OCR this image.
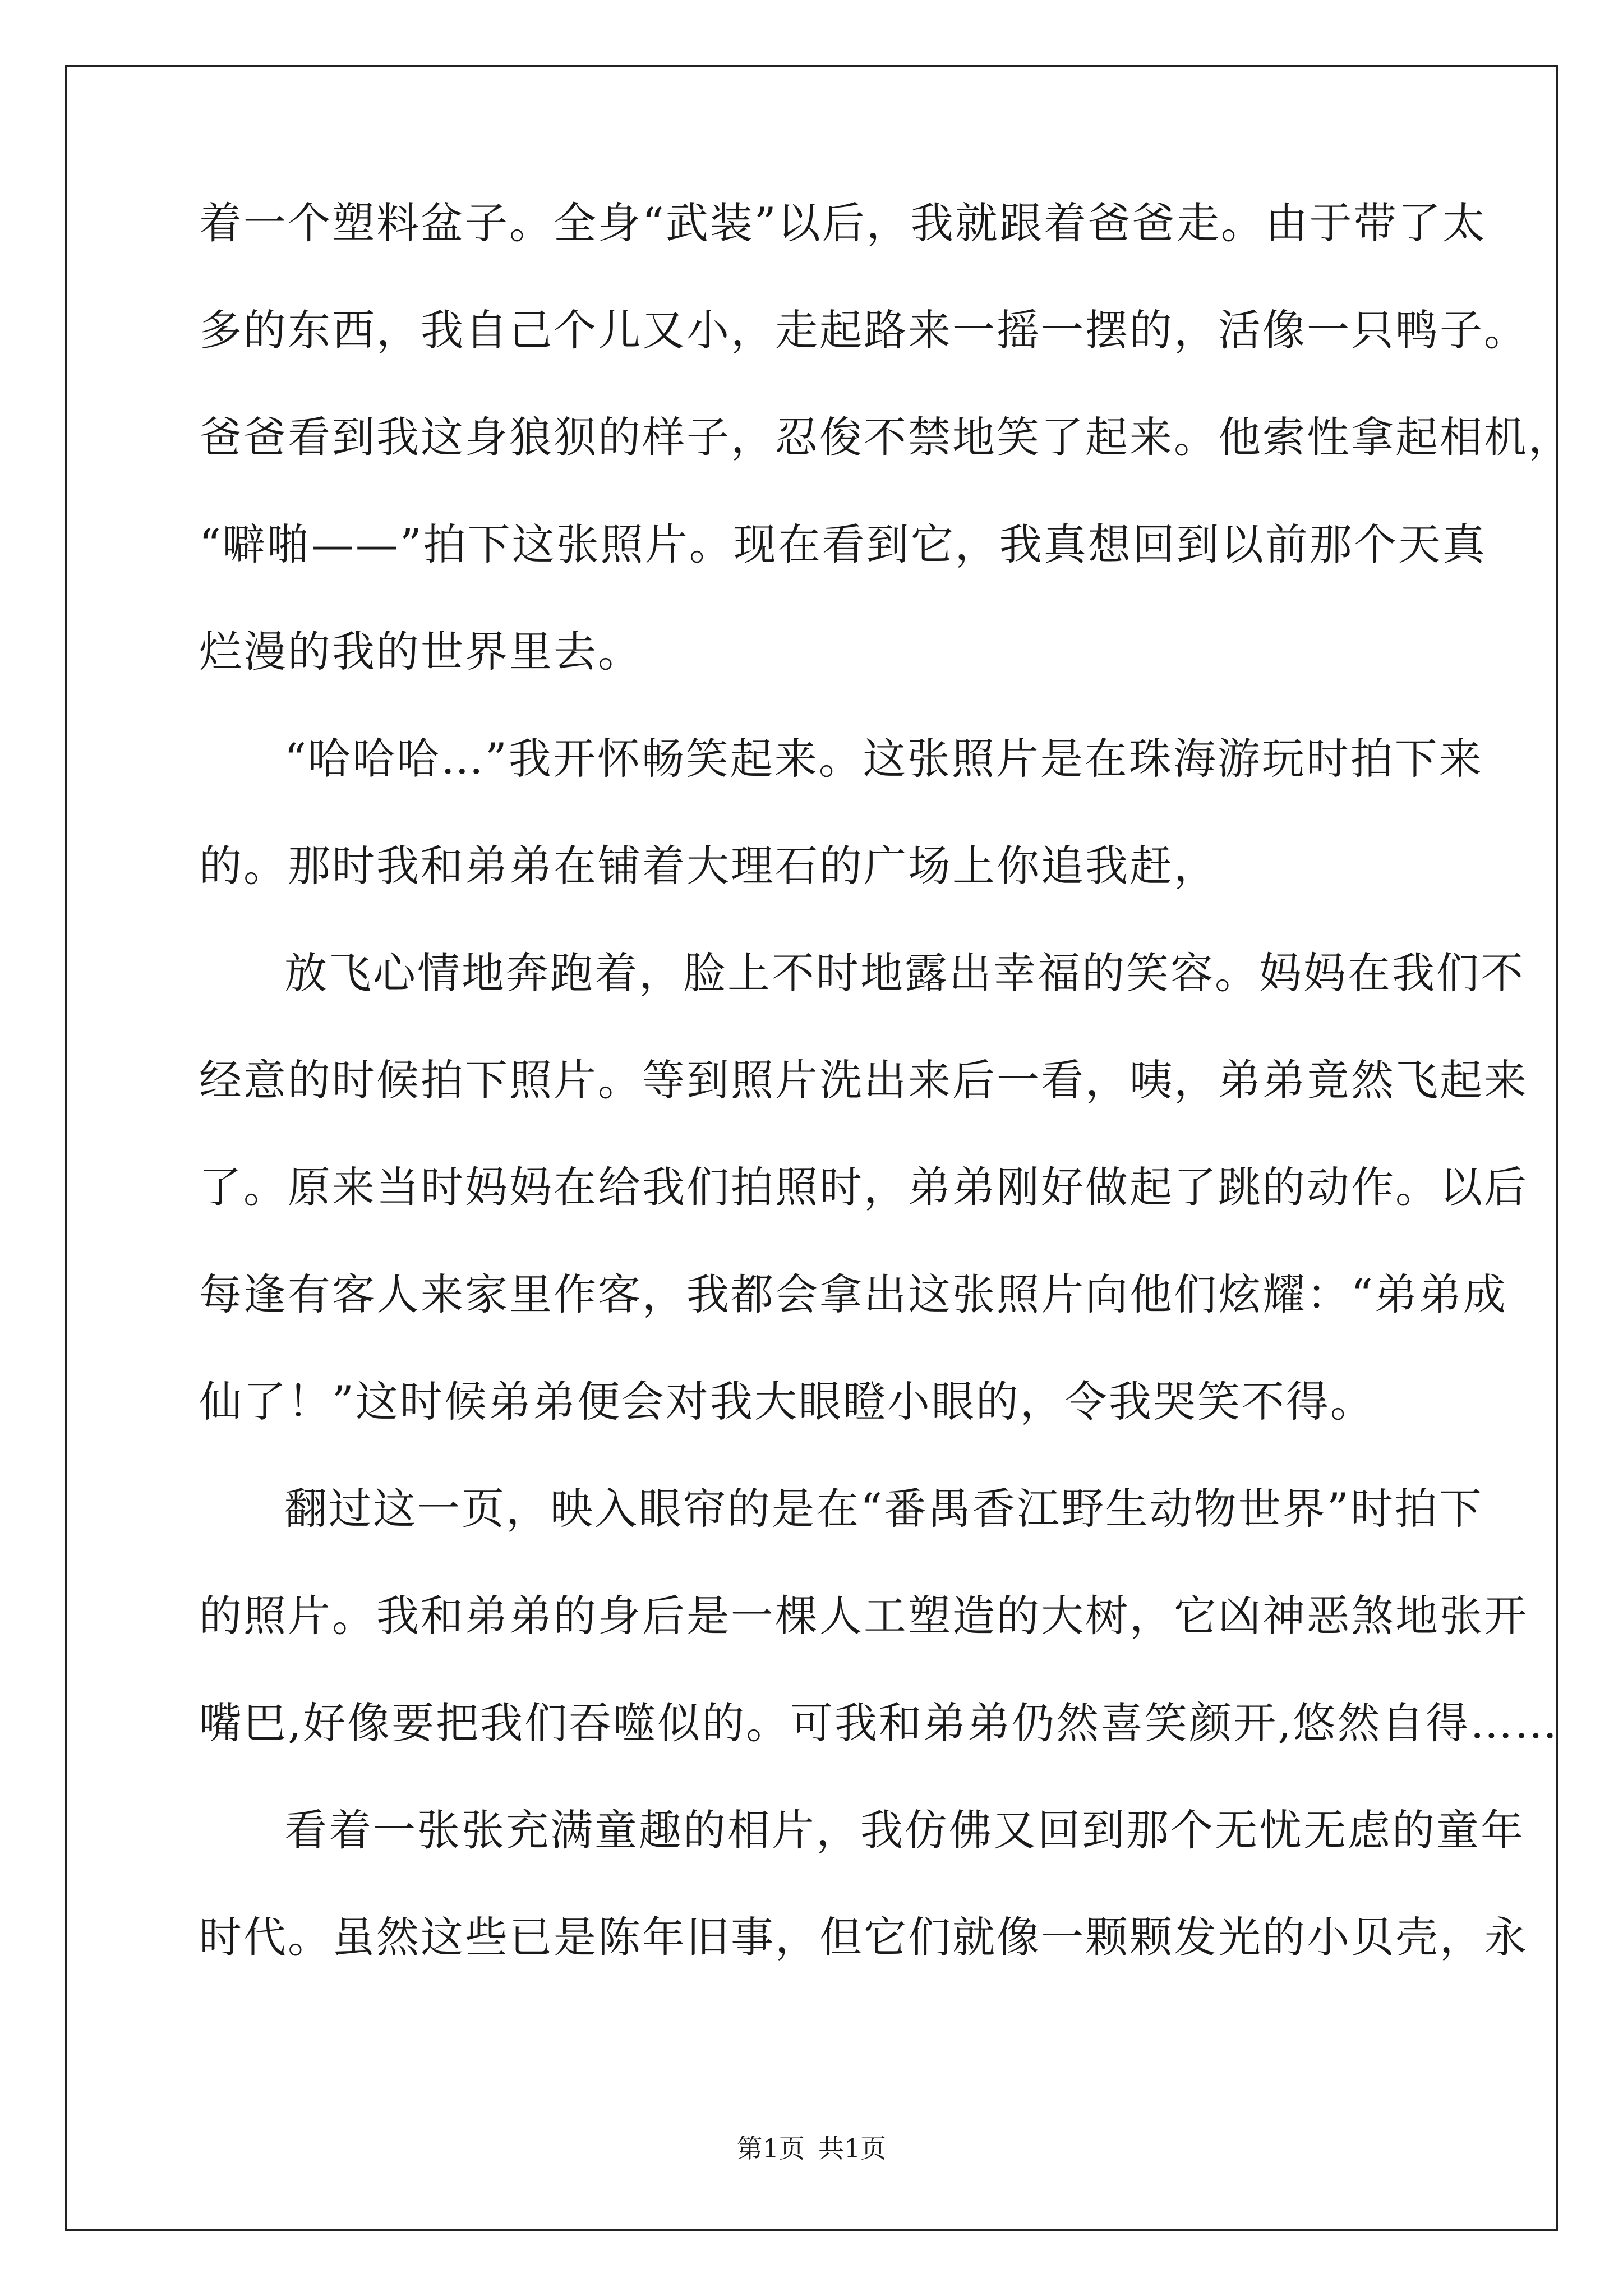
着一个塑料盆子。全身“武装”以后，我就跟着爸爸走。由于带了太
多的东西，我自己个儿又小，走起路来一摇一摆的，活像一只鸭子。
爸爸看到我这身狼狈的样子，忍俊不禁地笑了起来。他索性拿起相机，
“噼啪——”拍下这张照片。现在看到它，我真想回到以前那个天真
烂漫的我的世界里去。
“哈哈哈…”我开怀畅笑起来。这张照片是在珠海游玩时拍下来
的。那时我和弟弟在铺着大理石的广场上你追我赶，
放飞心情地奔跑着，脸上不时地露出幸福的笑容。妈妈在我们不
经意的时候拍下照片。等到照片洗出来后一看，咦，弟弟竟然飞起来
了。原来当时妈妈在给我们拍照时，弟弟刚好做起了跳的动作。以后
每逢有客人来家里作客，我都会拿出这张照片向他们炫耀：“弟弟成
仙了！”这时候弟弟便会对我大眼瞪小眼的，令我哭笑不得。
翻过这一页，映入眼帘的是在“番禺香江野生动物世界”时拍下
的照片。我和弟弟的身后是一棵人工塑造的大树，它凶神恶煞地张开
嘴巴,好像要把我们吞噬似的。可我和弟弟仍然喜笑颜开,悠然自得……
看着一张张充满童趣的相片，我仿佛又回到那个无忧无虑的童年
时代。虽然这些已是陈年旧事，但它们就像一颗颗发光的小贝壳，永
第1页 共1页
